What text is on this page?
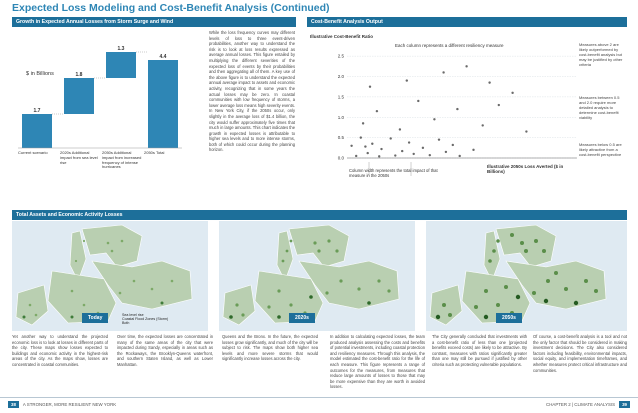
Expected Loss Modeling and Cost-Benefit Analysis (Continued)
Growth in Expected Annual Losses from Storm Surge and Wind	Cost-Benefit Analysis Output
1.7
Current scenario
1.8
2020s Additional impact from sea level rise
1.3
2050s Additional impact from increased frequency of intense hurricanes
4.4
2050s Total
$ in Billions
While the loss frequency curves may different levels of loss to three event-driven probabilities, another way to understand the risk is to look at loss results expressed as average annual losses. This figure entailed by multiplying the different severities of the expected loss of events by their probabilities and then aggregating all of them. A key use of the above figure is to understand the expected annual average impact to assets and economic activity, recognizing that in some years the actual losses may be zero. In coastal communities with low frequency of storms, a lower average loss means high severity events. In New York City, if the 2050s occur, only slightly in the average loss of $1.4 billion, the city would suffer approximately five times that much in large amounts. This chart indicates the growth in expected losses is attributable to higher sea levels and to more intense storms, both of which could occur during the planning horizon.
Illustrative Cost-Benefit Ratio
0.0
0.5
1.0
1.5
2.0
2.5
Each column represents a different resiliency measure
Column width represents the total impact of that measure in the 2050s
Illustrative 2050s Loss Averted ($ in Billions)
Measures above 2 are likely outperformed by cost-benefit analysis but may be justified by other criteria
Measures between 0.5 and 2.0 require more detailed analysis to determine cost-benefit viability
Measures below 0.5 are likely attractive from a cost-benefit perspective
Total Assets and Economic Activity Losses
Today	Sea level rise
Coastal Flood Zones (Storm)
Both
2020s	2050s
Yet another way to understand the projected economic loss is to look at losses in different parts of the city. These maps show losses expected to buildings and economic activity in the highest-risk areas of the city. As the maps show, losses are concentrated in coastal communities.
Over time, the expected losses are concentrated in many of the same areas of the city that were impacted during Sandy, especially in areas such as the Rockaways, the Brooklyn-Queens waterfront, and southern Staten Island, as well as Lower Manhattan.
Queens and the Bronx. In the future, the expected losses grow significantly, and much of the city will be subject to risk. The maps show both higher sea levels and more severe storms that would significantly increase losses across the city.
In addition to calculating expected losses, the team produced analysis assessing the costs and benefits of potential investments, including coastal protection and resiliency measures. Through this analysis, the model estimated the cost-benefit ratio for the life of each measure. This figure represents a range of outcomes for the measures, from measures that reduce large amounts of losses to those that may be more expensive than they are worth in avoided losses.
The City generally concluded that investments with a cost-benefit ratio of less than one (projected benefits exceed costs) are likely to be attractive. By contrast, measures with ratios significantly greater than one may still be pursued if justified by other criteria such as protecting vulnerable populations.
Of course, a cost-benefit analysis is a tool and not the only factor that should be considered in making investment decisions. The City also considered factors including feasibility, environmental impacts, social equity, and implementation timeframes, and whether measures protect critical infrastructure and communities.
38 A STRONGER, MORE RESILIENT NEW YORK	CHAPTER 2 | CLIMATE ANALYSIS 39
